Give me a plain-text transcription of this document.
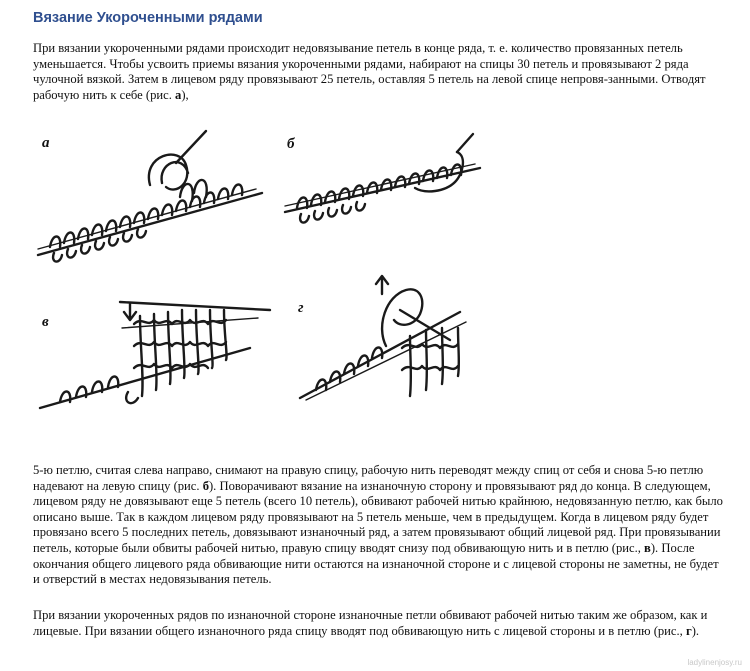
Вязание Укороченными рядами

При вязании укороченными рядами происходит недовязывание петель в конце ряда, т. е. количество провязанных петель уменьшается. Чтобы усвоить приемы вязания укороченными рядами, набирают на спицы 30 петель и провязывают 2 ряда чулочной вязкой. Затем в лицевом ряду провязывают 25 петель, оставляя 5 петель на левой спице непровя-занными. Отводят рабочую нить к себе (рис. а),

а	б
в
г

5-ю петлю, считая слева направо, снимают на правую спицу, рабочую нить переводят между спиц от себя и снова 5-ю петлю надевают на левую спицу (рис. б). Поворачивают вязание на изнаночную сторону и провязывают ряд до конца. В следующем, лицевом ряду не довязывают еще 5 петель (всего 10 петель), обвивают рабочей нитью крайнюю, недовязанную петлю, как было описано выше. Так в каждом лицевом ряду провязывают на 5 петель меньше, чем в предыдущем. Когда в лицевом ряду будет провязано всего 5 последних петель, довязывают изнаночный ряд, а затем провязывают общий лицевой ряд. При провязывании петель, которые были обвиты рабочей нитью, правую спицу вводят снизу под обвивающую нить и в петлю (рис., в). После окончания общего лицевого ряда обвивающие нити остаются на изнаночной стороне и с лицевой стороны не заметны, не будет и отверстий в местах недовязывания петель.

При вязании укороченных рядов по изнаночной стороне изнаночные петли обвивают рабочей нитью таким же образом, как и лицевые. При вязании общего изнаночного ряда спицу вводят под обвивающую нить с лицевой стороны и в петлю (рис., г).

ladylinenjosy.ru
